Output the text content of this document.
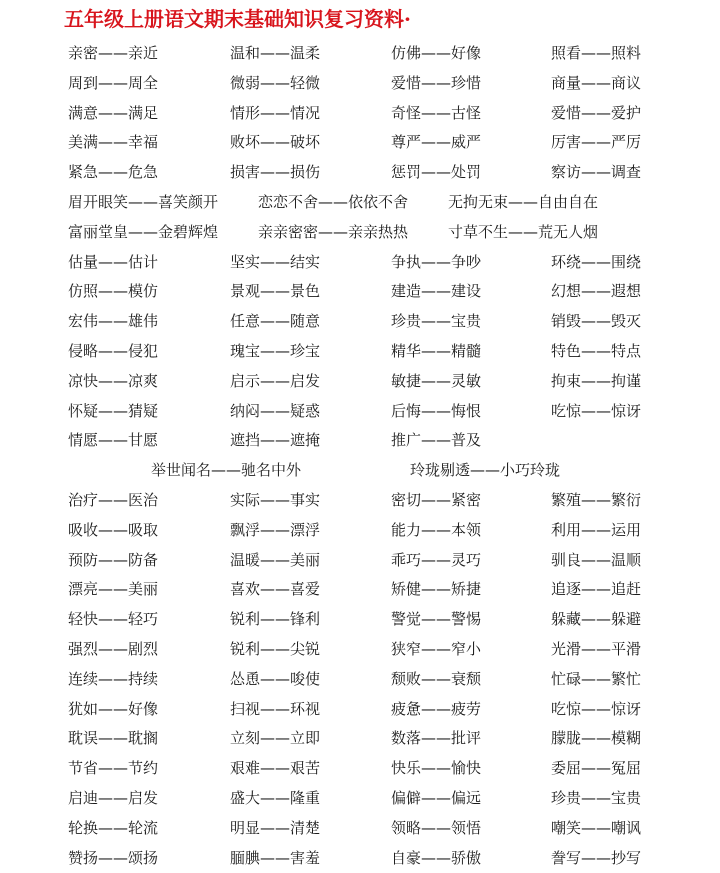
五年级上册语文期末基础知识复习资料·
亲密——亲近	温和——温柔	仿佛——好像	照看——照料
周到——周全	微弱——轻微	爱惜——珍惜	商量——商议
满意——满足	情形——情况	奇怪——古怪	爱惜——爱护
美满——幸福	败坏——破坏	尊严——威严	厉害——严厉
紧急——危急	损害——损伤	惩罚——处罚	察访——调查
眉开眼笑——喜笑颜开	恋恋不舍——依依不舍	无拘无束——自由自在
富丽堂皇——金碧辉煌	亲亲密密——亲亲热热	寸草不生——荒无人烟
估量——估计	坚实——结实	争执——争吵	环绕——围绕
仿照——模仿	景观——景色	建造——建设	幻想——遐想
宏伟——雄伟	任意——随意	珍贵——宝贵	销毁——毁灭
侵略——侵犯	瑰宝——珍宝	精华——精髓	特色——特点
凉快——凉爽	启示——启发	敏捷——灵敏	拘束——拘谨
怀疑——猜疑	纳闷——疑惑	后悔——悔恨	吃惊——惊讶
情愿——甘愿	遮挡——遮掩	推广——普及
举世闻名——驰名中外	玲珑剔透——小巧玲珑
治疗——医治	实际——事实	密切——紧密	繁殖——繁衍
吸收——吸取	飘浮——漂浮	能力——本领	利用——运用
预防——防备	温暖——美丽	乖巧——灵巧	驯良——温顺
漂亮——美丽	喜欢——喜爱	矫健——矫捷	追逐——追赶
轻快——轻巧	锐利——锋利	警觉——警惕	躲藏——躲避
强烈——剧烈	锐利——尖锐	狭窄——窄小	光滑——平滑
连续——持续	怂恿——唆使	颓败——衰颓	忙碌——繁忙
犹如——好像	扫视——环视	疲惫——疲劳	吃惊——惊讶
耽误——耽搁	立刻——立即	数落——批评	朦胧——模糊
节省——节约	艰难——艰苦	快乐——愉快	委屈——冤屈
启迪——启发	盛大——隆重	偏僻——偏远	珍贵——宝贵
轮换——轮流	明显——清楚	领略——领悟	嘲笑——嘲讽
赞扬——颂扬	腼腆——害羞	自豪——骄傲	誊写——抄写
